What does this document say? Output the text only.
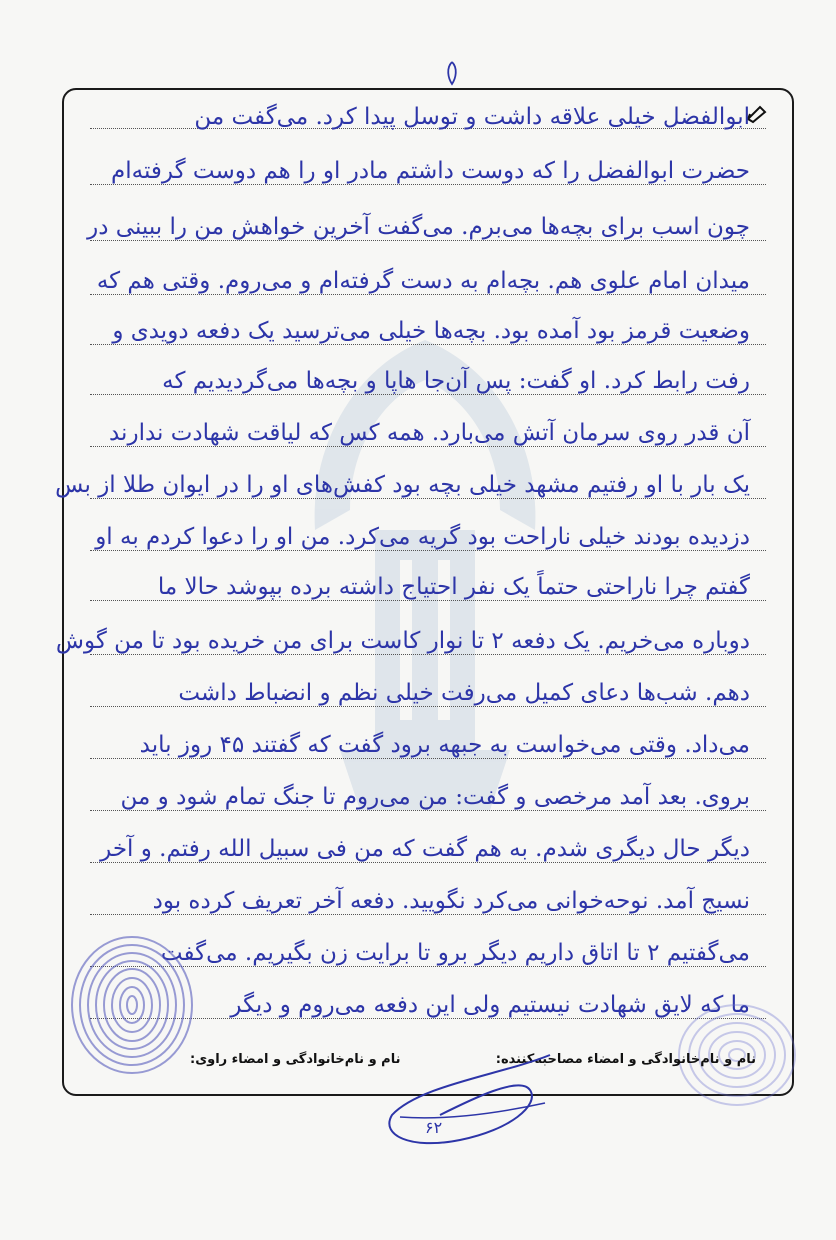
ابوالفضل خیلی علاقه داشت و توسل پیدا کرد. می‌گفت من
حضرت ابوالفضل را که دوست داشتم مادر او را هم دوست گرفته‌ام
چون اسب برای بچه‌ها می‌برم. می‌گفت آخرین خواهش من را ببینی در
میدان امام علوی هم. بچه‌ام به دست گرفته‌ام و می‌روم. وقتی هم که
وضعیت قرمز بود آمده بود. بچه‌ها خیلی می‌ترسید یک دفعه دویدی و
رفت رابط کرد. او گفت: پس آن‌جا هاپا و بچه‌ها می‌گردیدیم که
آن قدر روی سرمان آتش می‌بارد. همه کس که لیاقت شهادت ندارند
یک بار با او رفتیم مشهد خیلی بچه بود کفش‌های او را در ایوان طلا از بس
دزدیده بودند خیلی ناراحت بود گریه می‌کرد. من او را دعوا کردم به او
گفتم چرا ناراحتی حتماً یک نفر احتیاج داشته برده بپوشد حالا ما
دوباره می‌خریم. یک دفعه ۲ تا نوار کاست برای من خریده بود تا من گوش
دهم. شب‌ها دعای کمیل می‌رفت خیلی نظم و انضباط داشت
می‌داد. وقتی می‌خواست به جبهه برود گفت که گفتند ۴۵ روز باید
بروی. بعد آمد مرخصی و گفت: من می‌روم تا جنگ تمام شود و من
دیگر حال دیگری شدم. به هم گفت که من فی سبیل الله رفتم. و آخر
نسیج آمد. نوحه‌خوانی می‌کرد نگویید. دفعه آخر تعریف کرده بود
می‌گفتیم ۲ تا اتاق داریم دیگر برو تا برایت زن بگیریم. می‌گفت
ما که لایق شهادت نیستیم ولی این دفعه می‌روم و دیگر
نام و نام‌خانوادگی و امضاء مصاحبه‌کننده:
نام و نام‌خانوادگی و امضاء راوی:
۶۲
